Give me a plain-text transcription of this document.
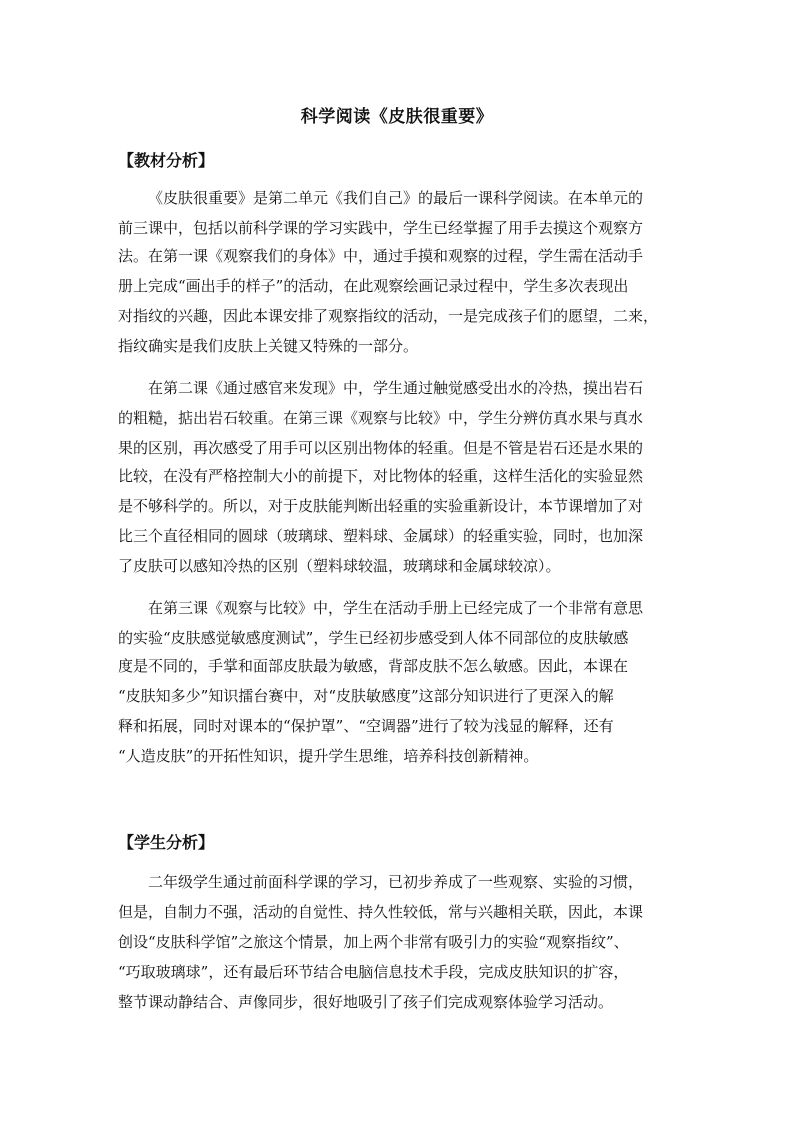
科学阅读《皮肤很重要》
【教材分析】
《皮肤很重要》是第二单元《我们自己》的最后一课科学阅读。在本单元的
前三课中，包括以前科学课的学习实践中，学生已经掌握了用手去摸这个观察方
法。在第一课《观察我们的身体》中，通过手摸和观察的过程，学生需在活动手
册上完成“画出手的样子”的活动，在此观察绘画记录过程中，学生多次表现出
对指纹的兴趣，因此本课安排了观察指纹的活动，一是完成孩子们的愿望，二来，
指纹确实是我们皮肤上关键又特殊的一部分。
在第二课《通过感官来发现》中，学生通过触觉感受出水的冷热，摸出岩石
的粗糙，掂出岩石较重。在第三课《观察与比较》中，学生分辨仿真水果与真水
果的区别，再次感受了用手可以区别出物体的轻重。但是不管是岩石还是水果的
比较，在没有严格控制大小的前提下，对比物体的轻重，这样生活化的实验显然
是不够科学的。所以，对于皮肤能判断出轻重的实验重新设计，本节课增加了对
比三个直径相同的圆球（玻璃球、塑料球、金属球）的轻重实验，同时，也加深
了皮肤可以感知冷热的区别（塑料球较温，玻璃球和金属球较凉）。
在第三课《观察与比较》中，学生在活动手册上已经完成了一个非常有意思
的实验“皮肤感觉敏感度测试”，学生已经初步感受到人体不同部位的皮肤敏感
度是不同的，手掌和面部皮肤最为敏感，背部皮肤不怎么敏感。因此，本课在
“皮肤知多少”知识擂台赛中，对“皮肤敏感度”这部分知识进行了更深入的解
释和拓展，同时对课本的“保护罩”、“空调器”进行了较为浅显的解释，还有
“人造皮肤”的开拓性知识，提升学生思维，培养科技创新精神。
【学生分析】
二年级学生通过前面科学课的学习，已初步养成了一些观察、实验的习惯，
但是，自制力不强，活动的自觉性、持久性较低，常与兴趣相关联，因此，本课
创设“皮肤科学馆”之旅这个情景，加上两个非常有吸引力的实验“观察指纹”、
“巧取玻璃球”，还有最后环节结合电脑信息技术手段，完成皮肤知识的扩容，
整节课动静结合、声像同步，很好地吸引了孩子们完成观察体验学习活动。
